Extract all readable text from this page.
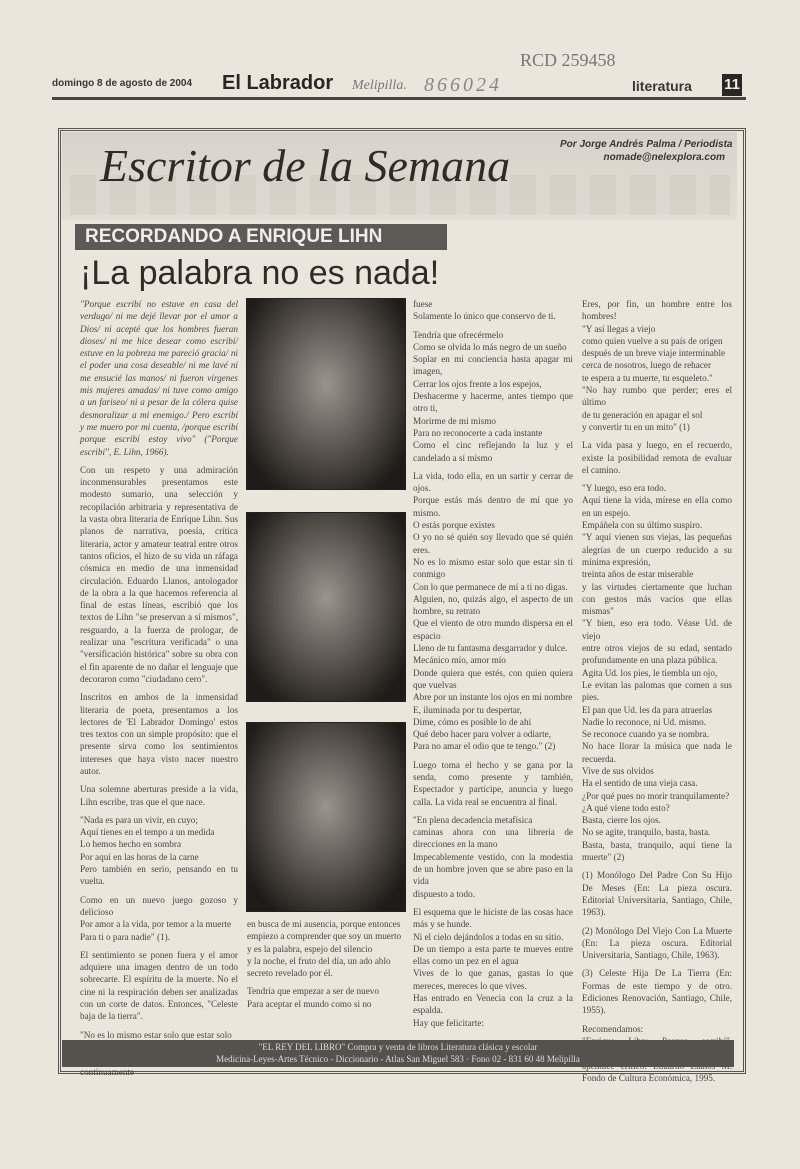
domingo 8 de agosto de 2004 El Labrador Melipilla. 866024
RCD 259458
literatura 11
Escritor de la Semana	Por Jorge Andrés Palma / Periodista
nomade@nelexplora.com
RECORDANDO A ENRIQUE LIHN
¡La palabra no es nada!

"Porque escribí no estuve en casa del verdugo/ ni me dejé llevar por el amor a Dios/ ni acepté que los hombres fueran dioses/ ni me hice desear como escribí/ estuve en la pobreza me pareció gracia/ ni el poder una cosa deseable/ ni me lavé ni me ensucié las manos/ ni fueron vírgenes mis mujeres amadas/ ni tuve como amigo a un fariseo/ ni a pesar de la cólera quise desmoralizar a mi enemigo./ Pero escribí y me muero por mi cuenta, /porque escribí porque escribí estoy vivo" ("Porque escribí", E. Lihn, 1966).

Con un respeto y una admiración inconmensurables presentamos este modesto sumario, una selección y recopilación arbitraria y representativa de la vasta obra literaria de Enrique Lihn. Sus planos de narrativa, poesía, crítica literaria, actor y amateur teatral entre otros tantos oficios, el hizo de su vida un ráfaga cósmica en medio de una inmensidad circulación. Eduardo Llanos, antologador de la obra a la que hacemos referencia al final de estas líneas, escribió que los textos de Lihn "se preservan a sí mismos", resguardo, a la fuerza de prologar, de realizar una "escritura verificada" o una "versificación histórica" sobre su obra con el fin aparente de no dañar el lenguaje que decoraron como "ciudadano cero".

Inscritos en ambos de la inmensidad literaria de poeta, presentamos a los lectores de 'El Labrador Domingo' estos tres textos con un simple propósito: que el presente sirva como los sentimientos intereses que haya visto nacer nuestro autor.

Una solemne aberturas preside a la vida, Lihn escribe, tras que el que nace.

"Nada es para un vivir, en cuyo;
Aquí tienes en el tempo a un medida
Lo hemos hecho en sombra
Por aquí en las horas de la carne
Pero también en serio, pensando en tu vuelta.

Como en un nuevo juego gozoso y delicioso
Por amor a la vida, por temor a la muerte
Para ti o para nadie" (1).

El sentimiento se ponen fuera y el amor adquiere una imagen dentro de un todo sobrecarte. El espíritu de la muerte. No el cine ni la respiración deben ser analizadas con un corte de datos. Entonces, "Celeste baja de la tierra".

"No es lo mismo estar solo que estar solo

continuamente

en busca de mi ausencia, porque entonces
empiezo a comprender que soy un muerto
y es la palabra, espejo del silencio
y la noche, el fruto del día, un ado ablo
secreto revelado por él.

Tendría que empezar a ser de nuevo
Para aceptar el mundo como si no

fuese
Solamente lo único que conservo de ti.

Tendría que ofrecérmelo
Como se olvida lo más negro de un sueño
Soplar en mi conciencia hasta apagar mi imagen,
Cerrar los ojos frente a los espejos,
Deshacerme y hacerme, antes tiempo que otro ti,
Morirme de mi mismo
Para no reconocerte a cada instante
Como el cinc reflejando la luz y el candelado a sí mismo

La vida, todo ella, en un sartir y cerrar de ojos.
Porque estás más dentro de mí que yo mismo.
O estás porque existes
O yo no sé quién soy llevado que sé quién eres.
No es lo mismo estar solo que estar sin ti conmigo
Con lo que permanece de mí a ti no digas.
Alguien, no, quizás algo, el aspecto de un hombre, su retrato
Que el viento de otro mundo dispersa en el espacio
Lleno de tu fantasma desgarrador y dulce.
Mecánico mío, amor mío
Donde quiera que estés, con quien quiera que vuelvas
Abre por un instante los ojos en mi nombre
E, iluminada por tu despertar,
Dime, cómo es posible lo de ahí
Qué debo hacer para volver a odiarte,
Para no amar el odio que te tengo." (2)

Luego toma el hecho y se gana por la senda, como presente y también, Espectador y partícipe, anuncia y luego calla. La vida real se encuentra al final.

"En plena decadencia metafísica
caminas ahora con una librería de direcciones en la mano
Impecablemente vestido, con la modestia de un hombre joven que se abre paso en la vida
dispuesto a todo.

El esquema que le hiciste de las cosas hace más y se hunde.
Ni el cielo dejándolos a todas en su sitio.
De un tiempo a esta parte te mueves entre ellas como un pez en el agua
Vives de lo que ganas, gastas lo que mereces, mereces lo que vives.
Has entrado en Venecia con la cruz a la espalda.
Hay que felicitarte:

Eres, por fin, un hombre entre los hombres!
"Y así llegas a viejo
como quien vuelve a su país de origen
después de un breve viaje interminable
cerca de nosotros, luego de rehacer
te espera a tu muerte, tu esqueleto."
"No hay rumbo que perder; eres el último
de tu generación en apagar el sol
y convertir tu en un mito" (1)

La vida pasa y luego, en el recuerdo, existe la posibilidad remota de evaluar el camino.

"Y luego, eso era todo.
Aquí tiene la vida, mírese en ella como en un espejo.
Empáñela con su último suspiro.
"Y aquí vienen sus viejas, las pequeñas alegrías de un cuerpo reducido a su mínima expresión,
treinta años de estar miserable
y las virtudes ciertamente que luchan con gestos más vacíos que ellas mismas"
"Y bien, eso era todo. Véase Ud. de viejo
entre otros viejos de su edad, sentado profundamente en una plaza pública.
Agita Ud. los pies, le tiembla un ojo,
Le evitan las palomas que comen a sus pies.
El pan que Ud. les da para atraerlas
Nadie lo reconoce, ni Ud. mismo.
Se reconoce cuando ya se nombra.
No hace llorar la música que nada le recuerda.
Vive de sus olvidos
Ha el sentido de una vieja casa.
¿Por qué pues no morir tranquilamente?
¿A qué viene todo esto?
Basta, cierre los ojos.
No se agite, tranquilo, basta, basta.
Basta, basta, tranquilo, aquí tiene la muerte" (2)

(1) Monólogo Del Padre Con Su Hijo De Meses (En: La pieza oscura. Editorial Universitaria, Santiago, Chile, 1963).

(2) Monólogo Del Viejo Con La Muerte (En: La pieza oscura. Editorial Universitaria, Santiago, Chile, 1963).

(3) Celeste Hija De La Tierra (En: Formas de este tiempo y de otro. Ediciones Renovación, Santiago, Chile, 1955).

Recomendamos:
Fondo de Cultura Económica, 1995.

"EL REY DEL LIBRO" Compra y venta de libros Literatura clásica y escolar
Medicina-Leyes-Artes Técnico - Diccionario - Atlas San Miguel 583 · Fono 02 - 831 60 48 Melipilla
